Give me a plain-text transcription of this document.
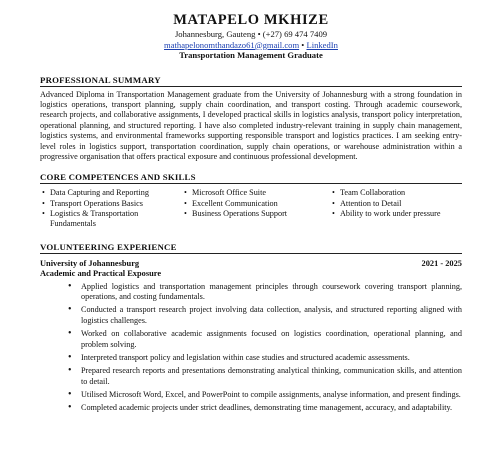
MATAPELO MKHIZE
Johannesburg, Gauteng • (+27) 69 474 7409
mathapelonomthandazo61@gmail.com • LinkedIn
Transportation Management Graduate
PROFESSIONAL SUMMARY
Advanced Diploma in Transportation Management graduate from the University of Johannesburg with a strong foundation in logistics operations, transport planning, supply chain coordination, and transport costing. Through academic coursework, research projects, and collaborative assignments, I developed practical skills in logistics analysis, transport policy interpretation, operational planning, and structured reporting. I have also completed industry-relevant training in supply chain management, logistics systems, and environmental frameworks supporting responsible transport and logistics practices. I am seeking entry-level roles in logistics support, transportation coordination, supply chain operations, or warehouse administration within a progressive organisation that offers practical exposure and continuous professional development.
CORE COMPETENCES AND SKILLS
• Data Capturing and Reporting
• Transport Operations Basics
• Logistics & Transportation Fundamentals
• Microsoft Office Suite
• Excellent Communication
• Business Operations Support
• Team Collaboration
• Attention to Detail
• Ability to work under pressure
VOLUNTEERING EXPERIENCE
University of Johannesburg	2021 - 2025
Academic and Practical Exposure
• Applied logistics and transportation management principles through coursework covering transport planning, operations, and costing fundamentals.
• Conducted a transport research project involving data collection, analysis, and structured reporting aligned with logistics challenges.
• Worked on collaborative academic assignments focused on logistics coordination, operational planning, and problem solving.
• Interpreted transport policy and legislation within case studies and structured academic assessments.
• Prepared research reports and presentations demonstrating analytical thinking, communication skills, and attention to detail.
• Utilised Microsoft Word, Excel, and PowerPoint to compile assignments, analyse information, and present findings.
• Completed academic projects under strict deadlines, demonstrating time management, accuracy, and adaptability.
